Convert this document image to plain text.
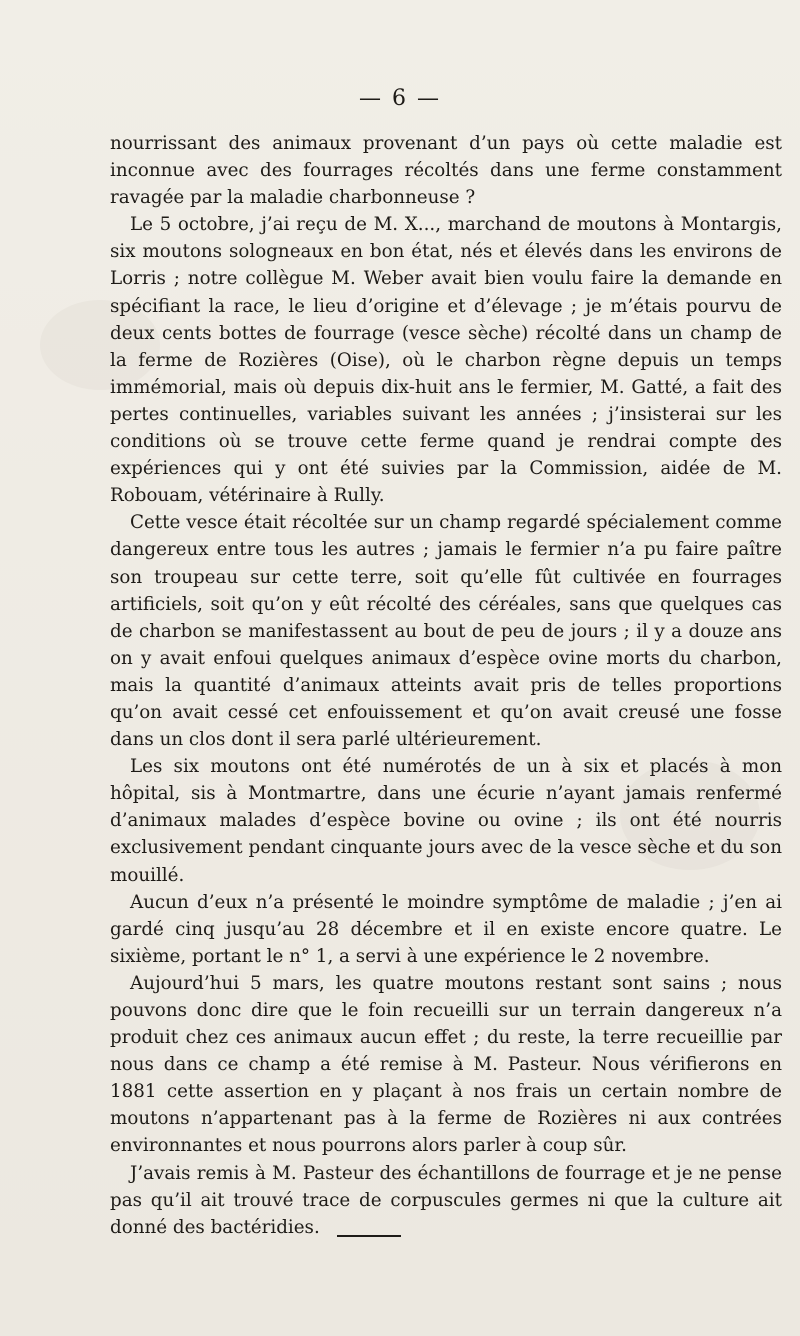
— 6 —

nourrissant des animaux provenant d’un pays où cette maladie est inconnue avec des fourrages récoltés dans une ferme constamment ravagée par la maladie charbonneuse ?

Le 5 octobre, j’ai reçu de M. X..., marchand de moutons à Montargis, six moutons sologneaux en bon état, nés et élevés dans les environs de Lorris ; notre collègue M. Weber avait bien voulu faire la demande en spécifiant la race, le lieu d’origine et d’élevage ; je m’étais pourvu de deux cents bottes de fourrage (vesce sèche) récolté dans un champ de la ferme de Rozières (Oise), où le charbon règne depuis un temps immémorial, mais où depuis dix-huit ans le fermier, M. Gatté, a fait des pertes continuelles, variables suivant les années ; j’insisterai sur les conditions où se trouve cette ferme quand je rendrai compte des expériences qui y ont été suivies par la Commission, aidée de M. Robouam, vétérinaire à Rully.

Cette vesce était récoltée sur un champ regardé spécialement comme dangereux entre tous les autres ; jamais le fermier n’a pu faire paître son troupeau sur cette terre, soit qu’elle fût cultivée en fourrages artificiels, soit qu’on y eût récolté des céréales, sans que quelques cas de charbon se manifestassent au bout de peu de jours ; il y a douze ans on y avait enfoui quelques animaux d’espèce ovine morts du charbon, mais la quantité d’animaux atteints avait pris de telles proportions qu’on avait cessé cet enfouissement et qu’on avait creusé une fosse dans un clos dont il sera parlé ultérieurement.

Les six moutons ont été numérotés de un à six et placés à mon hôpital, sis à Montmartre, dans une écurie n’ayant jamais renfermé d’animaux malades d’espèce bovine ou ovine ; ils ont été nourris exclusivement pendant cinquante jours avec de la vesce sèche et du son mouillé.

Aucun d’eux n’a présenté le moindre symptôme de maladie ; j’en ai gardé cinq jusqu’au 28 décembre et il en existe encore quatre. Le sixième, portant le n° 1, a servi à une expérience le 2 novembre.

Aujourd’hui 5 mars, les quatre moutons restant sont sains ; nous pouvons donc dire que le foin recueilli sur un terrain dangereux n’a produit chez ces animaux aucun effet ; du reste, la terre recueillie par nous dans ce champ a été remise à M. Pasteur. Nous vérifierons en 1881 cette assertion en y plaçant à nos frais un certain nombre de moutons n’appartenant pas à la ferme de Rozières ni aux contrées environnantes et nous pourrons alors parler à coup sûr.

J’avais remis à M. Pasteur des échantillons de fourrage et je ne pense pas qu’il ait trouvé trace de corpuscules germes ni que la culture ait donné des bactéridies.
